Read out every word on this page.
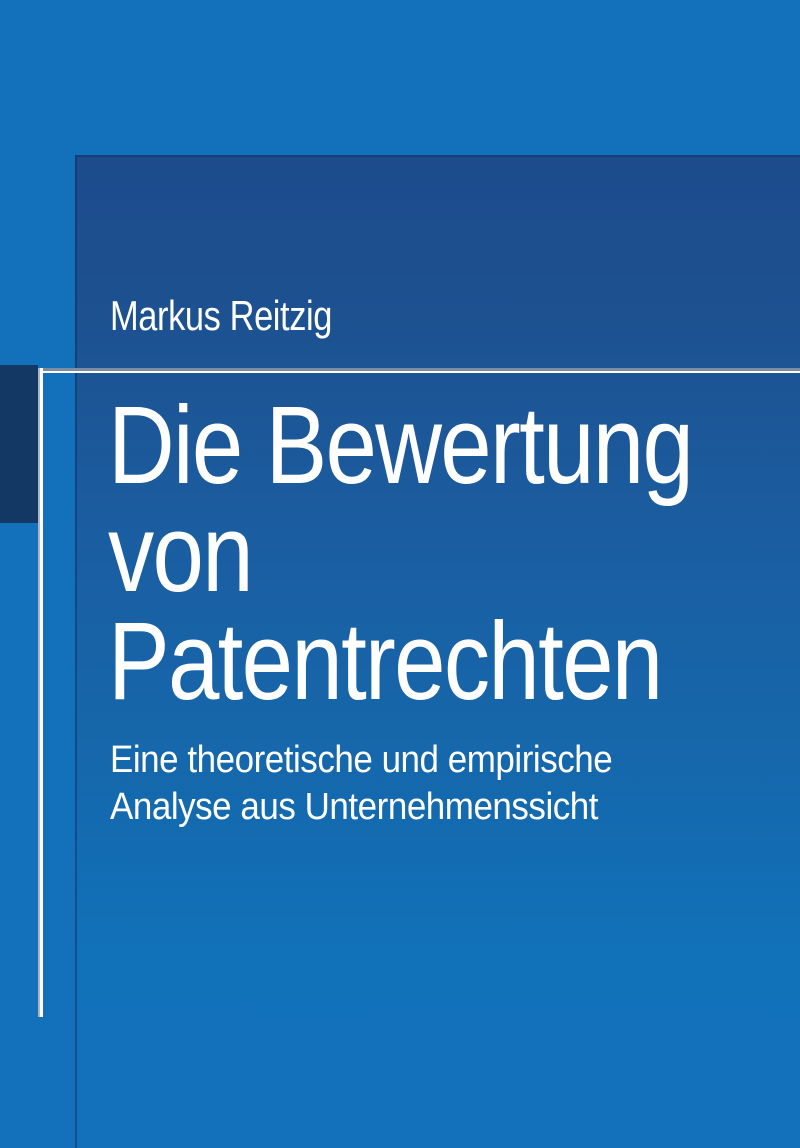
Markus Reitzig
Die Bewertung
von
Patentrechten
Eine theoretische und empirische
Analyse aus Unternehmenssicht
